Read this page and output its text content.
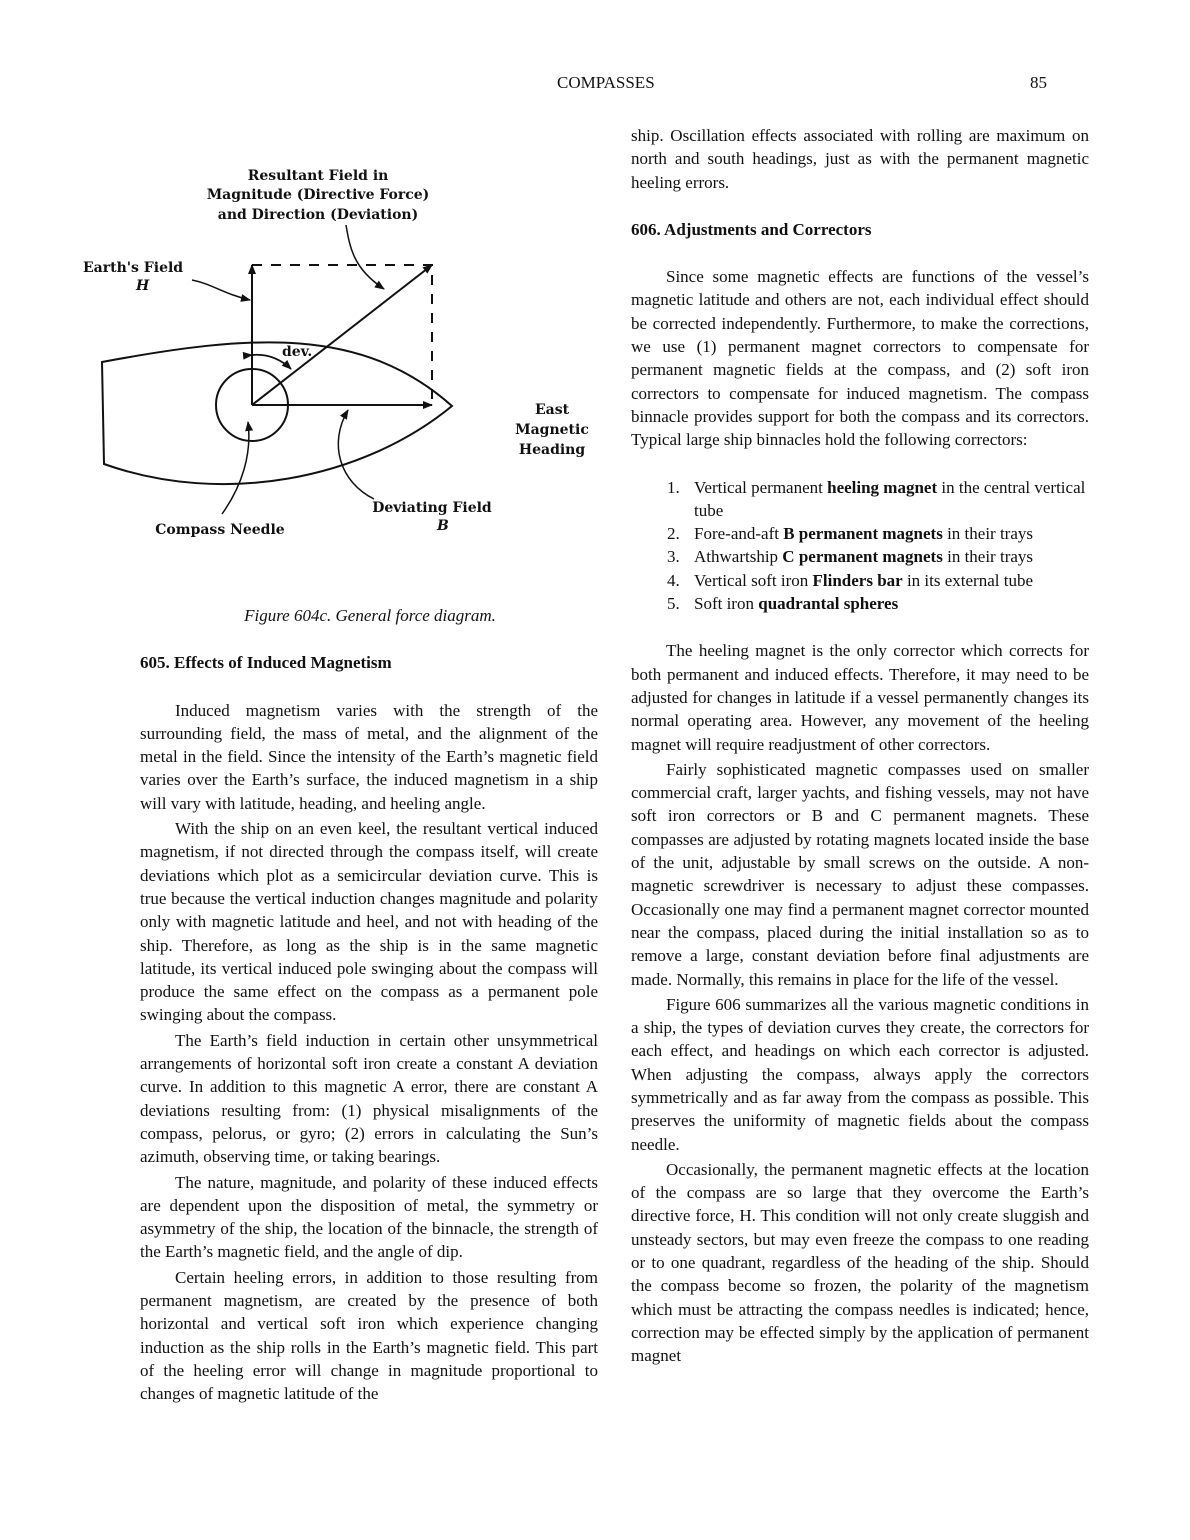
COMPASSES	85
Resultant Field in
Magnitude (Directive Force)
and Direction (Deviation)
Earth's Field
H
dev.
East
Magnetic
Heading
Deviating Field
B
Compass Needle

Figure 604c. General force diagram.

605. Effects of Induced Magnetism

Induced magnetism varies with the strength of the surrounding field, the mass of metal, and the alignment of the metal in the field. Since the intensity of the Earth’s magnetic field varies over the Earth’s surface, the induced magnetism in a ship will vary with latitude, heading, and heeling angle.

With the ship on an even keel, the resultant vertical induced magnetism, if not directed through the compass itself, will create deviations which plot as a semicircular deviation curve. This is true because the vertical induction changes magnitude and polarity only with magnetic latitude and heel, and not with heading of the ship. Therefore, as long as the ship is in the same magnetic latitude, its vertical induced pole swinging about the compass will produce the same effect on the compass as a permanent pole swinging about the compass.

The Earth’s field induction in certain other unsymmetrical arrangements of horizontal soft iron create a constant A deviation curve. In addition to this magnetic A error, there are constant A deviations resulting from: (1) physical misalignments of the compass, pelorus, or gyro; (2) errors in calculating the Sun’s azimuth, observing time, or taking bearings.

The nature, magnitude, and polarity of these induced effects are dependent upon the disposition of metal, the symmetry or asymmetry of the ship, the location of the binnacle, the strength of the Earth’s magnetic field, and the angle of dip.

Certain heeling errors, in addition to those resulting from permanent magnetism, are created by the presence of both horizontal and vertical soft iron which experience changing induction as the ship rolls in the Earth’s magnetic field. This part of the heeling error will change in magnitude proportional to changes of magnetic latitude of the

ship. Oscillation effects associated with rolling are maximum on north and south headings, just as with the permanent magnetic heeling errors.

606. Adjustments and Correctors

Since some magnetic effects are functions of the vessel’s magnetic latitude and others are not, each individual effect should be corrected independently. Furthermore, to make the corrections, we use (1) permanent magnet correctors to compensate for permanent magnetic fields at the compass, and (2) soft iron correctors to compensate for induced magnetism. The compass binnacle provides support for both the compass and its correctors. Typical large ship binnacles hold the following correctors:

1. Vertical permanent heeling magnet in the central vertical tube
2. Fore-and-aft B permanent magnets in their trays
3. Athwartship C permanent magnets in their trays
4. Vertical soft iron Flinders bar in its external tube
5. Soft iron quadrantal spheres

The heeling magnet is the only corrector which corrects for both permanent and induced effects. Therefore, it may need to be adjusted for changes in latitude if a vessel permanently changes its normal operating area. However, any movement of the heeling magnet will require readjustment of other correctors.

Fairly sophisticated magnetic compasses used on smaller commercial craft, larger yachts, and fishing vessels, may not have soft iron correctors or B and C permanent magnets. These compasses are adjusted by rotating magnets located inside the base of the unit, adjustable by small screws on the outside. A non-magnetic screwdriver is necessary to adjust these compasses. Occasionally one may find a permanent magnet corrector mounted near the compass, placed during the initial installation so as to remove a large, constant deviation before final adjustments are made. Normally, this remains in place for the life of the vessel.

Figure 606 summarizes all the various magnetic conditions in a ship, the types of deviation curves they create, the correctors for each effect, and headings on which each corrector is adjusted. When adjusting the compass, always apply the correctors symmetrically and as far away from the compass as possible. This preserves the uniformity of magnetic fields about the compass needle.

Occasionally, the permanent magnetic effects at the location of the compass are so large that they overcome the Earth’s directive force, H. This condition will not only create sluggish and unsteady sectors, but may even freeze the compass to one reading or to one quadrant, regardless of the heading of the ship. Should the compass become so frozen, the polarity of the magnetism which must be attracting the compass needles is indicated; hence, correction may be effected simply by the application of permanent magnet
